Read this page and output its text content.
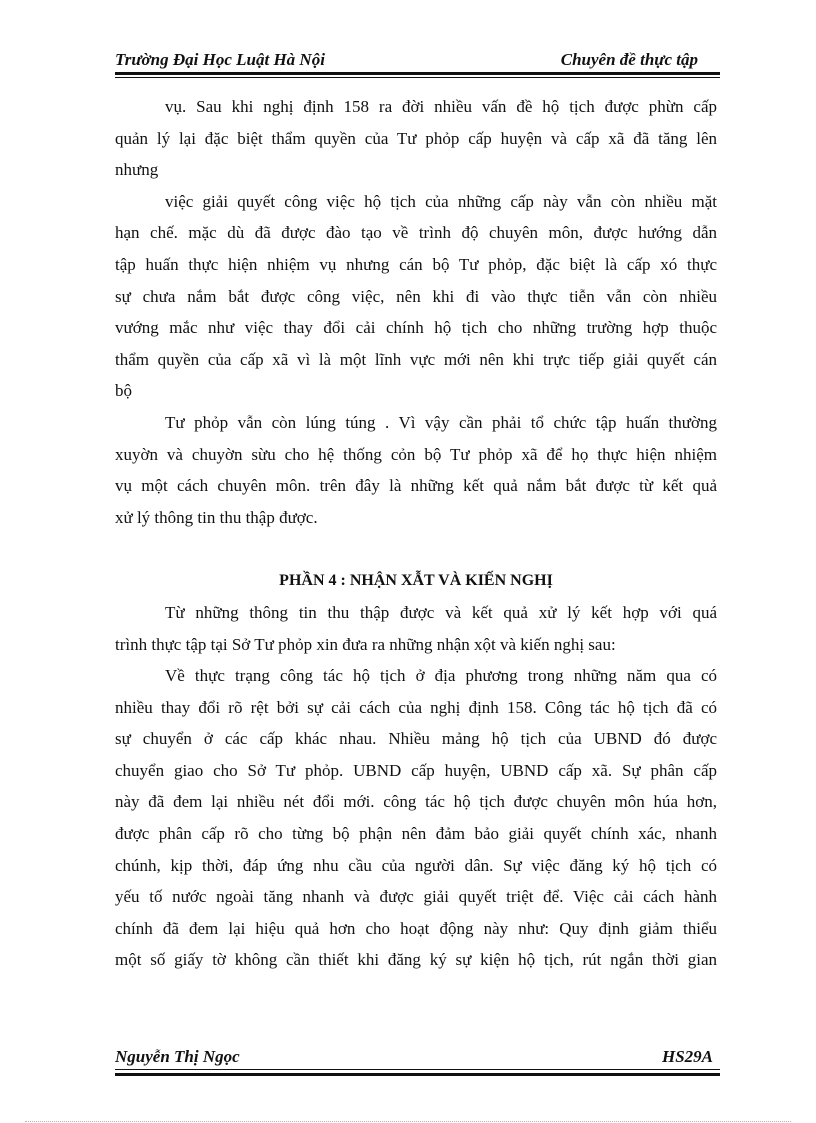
Trường Đại Học Luật Hà Nội	Chuyên đề thực tập
vụ. Sau khi nghị định 158 ra đời nhiều vấn đề hộ tịch được phừn cấp
quản lý lại đặc biệt thẩm quyền của Tư phỏp cấp huyện và cấp xã đã tăng lên
nhưng
việc giải quyết công việc hộ tịch của những cấp này vẫn còn nhiều mặt
hạn chế. mặc dù đã được đào tạo về trình độ chuyên môn, được hướng dẫn
tập huấn thực hiện nhiệm vụ nhưng cán bộ Tư phỏp, đặc biệt là cấp xó thực
sự chưa nắm bắt được công việc, nên khi đi vào thực tiễn vẫn còn nhiều
vướng mắc như việc thay đổi cải chính hộ tịch cho những trường hợp thuộc
thẩm quyền của cấp xã vì là một lĩnh vực mới nên khi trực tiếp giải quyết cán
bộ
Tư phỏp vẫn còn lúng túng . Vì vậy cần phải tổ chức tập huấn thường
xuyờn và chuyờn sừu cho hệ thống cỏn bộ Tư phỏp xã để họ thực hiện nhiệm
vụ một cách chuyên môn. trên đây là những kết quả nắm bắt được từ kết quả
xử lý thông tin thu thập được.
PHẦN 4 : NHẬN XẪT VÀ KIẾN NGHỊ
Từ những thông tin thu thập được và kết quả xử lý kết hợp với quá
trình thực tập tại Sở Tư phỏp xin đưa ra những nhận xột và kiến nghị sau:
Về thực trạng công tác hộ tịch ở địa phương trong những năm qua có
nhiều thay đổi rõ rệt bởi sự cải cách của nghị định 158. Công tác hộ tịch đã có
sự chuyển ở các cấp khác nhau. Nhiều mảng hộ tịch của UBND đó được
chuyển giao cho Sở Tư phỏp. UBND cấp huyện, UBND cấp xã. Sự phân cấp
này đã đem lại nhiều nét đổi mới. công tác hộ tịch được chuyên môn húa hơn,
được phân cấp rõ cho từng bộ phận nên đảm bảo giải quyết chính xác, nhanh
chúnh, kịp thời, đáp ứng nhu cầu của người dân. Sự việc đăng ký hộ tịch có
yếu tố nước ngoài tăng nhanh và được giải quyết triệt để. Việc cải cách hành
chính đã đem lại hiệu quả hơn cho hoạt động này như: Quy định giảm thiểu
một số giấy tờ không cần thiết khi đăng ký sự kiện hộ tịch, rút ngắn thời gian
Nguyễn Thị Ngọc	HS29A
